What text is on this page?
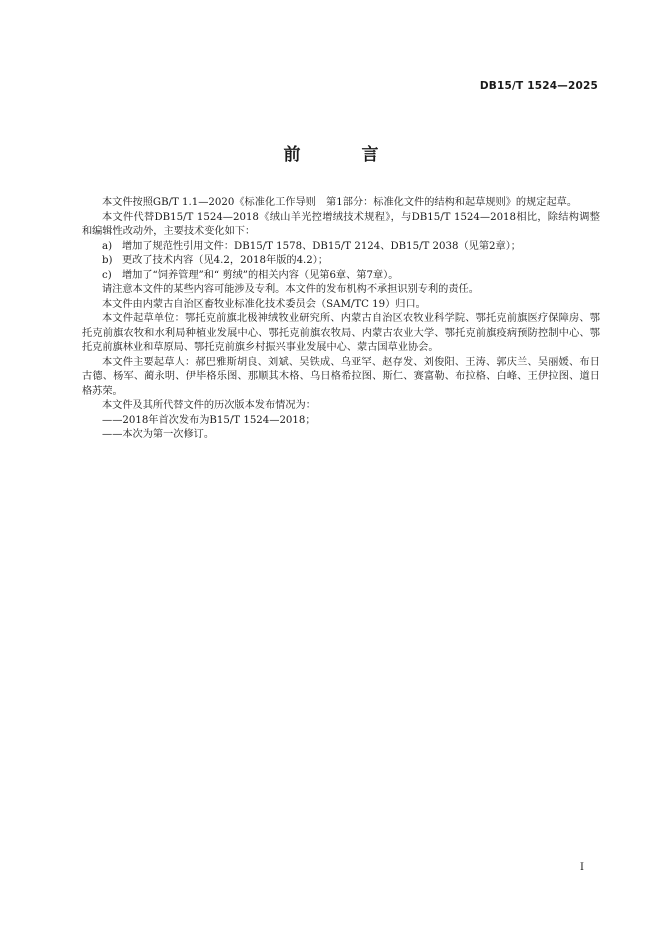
DB15/T 1524—2025
前　言

本文件按照GB/T 1.1—2020《标准化工作导则　第1部分：标准化文件的结构和起草规则》的规定起草。

本文件代替DB15/T 1524—2018《绒山羊光控增绒技术规程》，与DB15/T 1524—2018相比，除结构调整和编辑性改动外，主要技术变化如下：

a) 增加了规范性引用文件：DB15/T 1578、DB15/T 2124、DB15/T 2038（见第2章）；
b) 更改了技术内容（见4.2，2018年版的4.2）；
c)	增加了“饲养管理”和“ 剪绒”的相关内容（见第6章、第7章）。

请注意本文件的某些内容可能涉及专利。本文件的发布机构不承担识别专利的责任。

本文件由内蒙古自治区畜牧业标准化技术委员会（SAM/TC 19）归口。

本文件起草单位：鄂托克前旗北极神绒牧业研究所、内蒙古自治区农牧业科学院、鄂托克前旗医疗保障房、鄂托克前旗农牧和水利局种植业发展中心、鄂托克前旗农牧局、内蒙古农业大学、鄂托克前旗疫病预防控制中心、鄂托克前旗林业和草原局、鄂托克前旗乡村振兴事业发展中心、蒙古国草业协会。

本文件主要起草人：郝巴雅斯胡良、刘斌、吴铁成、乌亚罕、赵存发、刘俊阳、王涛、郭庆兰、吴丽媛、布日古德、杨军、蔺永明、伊毕格乐图、那顺其木格、乌日格希拉图、斯仁、赛富勒、布拉格、白峰、王伊拉图、道日格苏荣。

本文件及其所代替文件的历次版本发布情况为：

——2018年首次发布为B15/T 1524—2018；

——本次为第一次修订。

I
